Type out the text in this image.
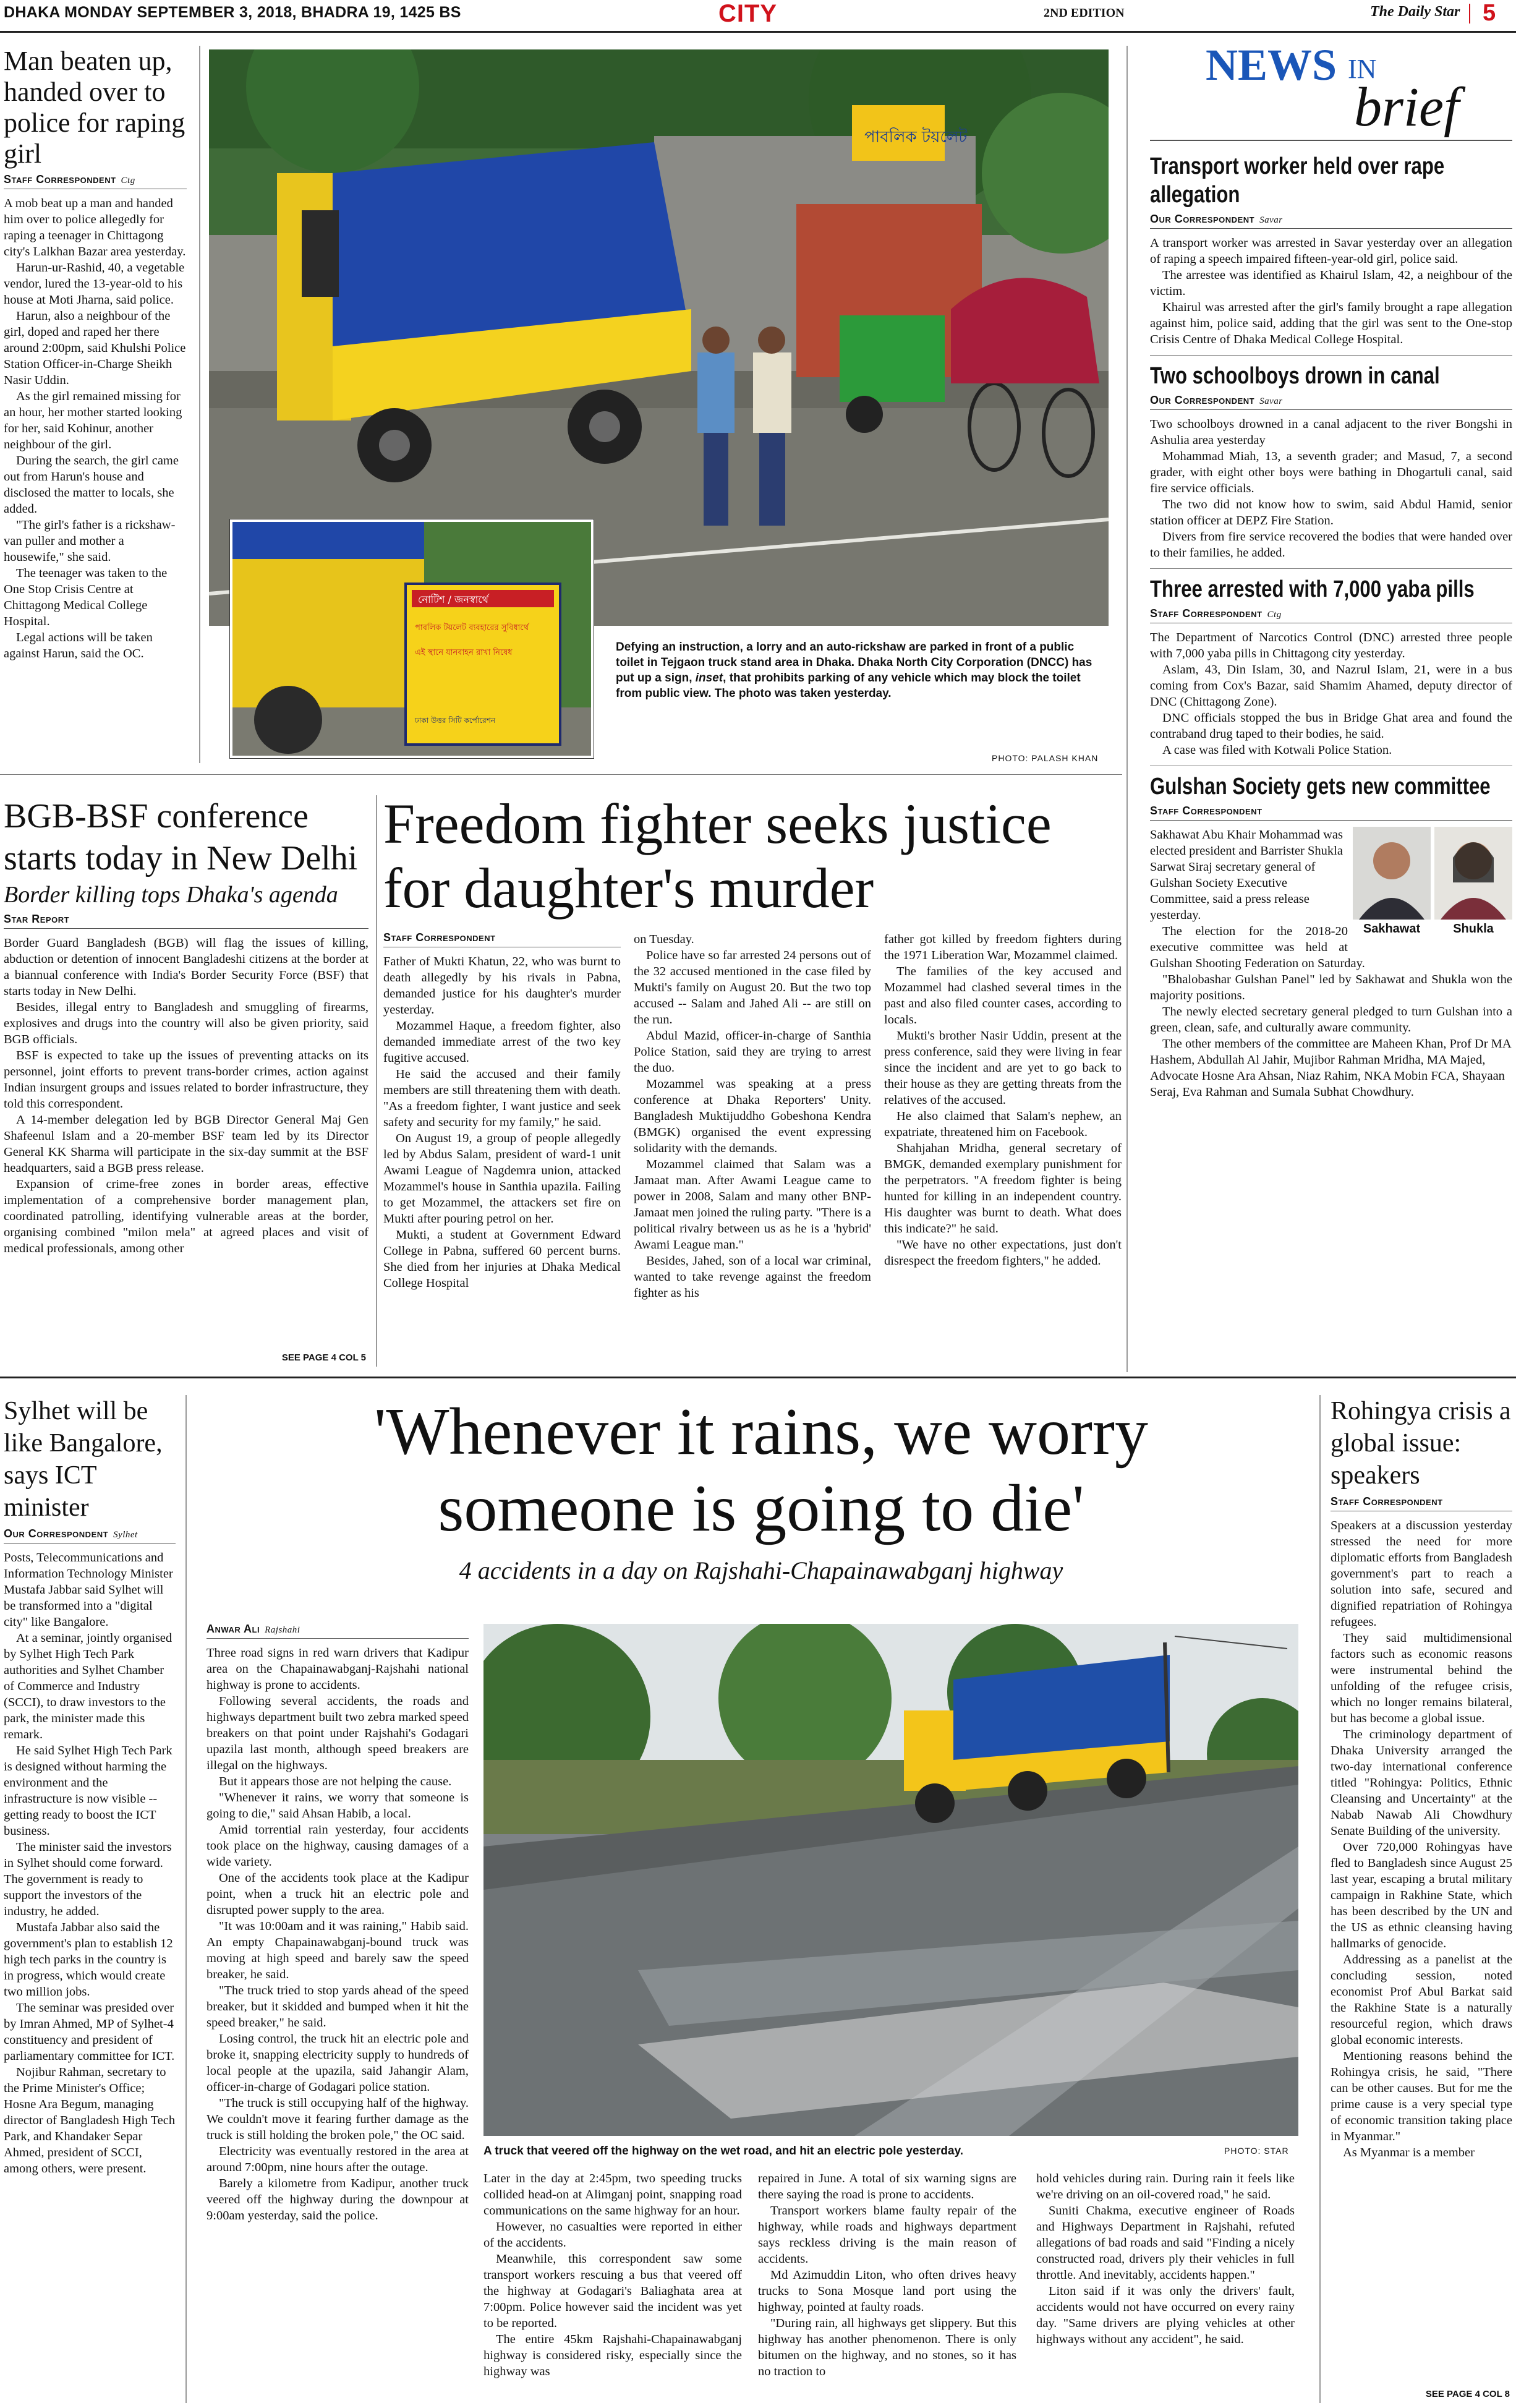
DHAKA MONDAY SEPTEMBER 3, 2018, BHADRA 19, 1425 BS	CITY	2ND EDITION	The Daily Star 5
Man beaten up, handed over to police for raping girl
Staff Correspondent Ctg

A mob beat up a man and handed him over to police allegedly for raping a teenager in Chittagong city's Lalkhan Bazar area yesterday.

Harun-ur-Rashid, 40, a vegetable vendor, lured the 13-year-old to his house at Moti Jharna, said police.

Harun, also a neighbour of the girl, doped and raped her there around 2:00pm, said Khulshi Police Station Officer-in-Charge Sheikh Nasir Uddin.

As the girl remained missing for an hour, her mother started looking for her, said Kohinur, another neighbour of the girl.

During the search, the girl came out from Harun's house and disclosed the matter to locals, she added.

"The girl's father is a rickshaw-van puller and mother a housewife," she said.

The teenager was taken to the One Stop Crisis Centre at Chittagong Medical College Hospital.

Legal actions will be taken against Harun, said the OC.

পাবলিক টয়লেট
নোটিশ / জনস্বার্থে
পাবলিক টয়লেট ব্যবহারের সুবিধার্থে
এই স্থানে যানবাহন রাখা নিষেধ
ঢাকা উত্তর সিটি কর্পোরেশন
Defying an instruction, a lorry and an auto-rickshaw are parked in front of a public toilet in Tejgaon truck stand area in Dhaka. Dhaka North City Corporation (DNCC) has put up a sign, inset, that prohibits parking of any vehicle which may block the toilet from public view. The photo was taken yesterday.
PHOTO: PALASH KHAN
NEWS IN
brief
Transport worker held over rape allegation
Our Correspondent Savar

A transport worker was arrested in Savar yesterday over an allegation of raping a speech impaired fifteen-year-old girl, police said.

The arrestee was identified as Khairul Islam, 42, a neighbour of the victim.

Khairul was arrested after the girl's family brought a rape allegation against him, police said, adding that the girl was sent to the One-stop Crisis Centre of Dhaka Medical College Hospital.

Two schoolboys drown in canal
Our Correspondent Savar

Two schoolboys drowned in a canal adjacent to the river Bongshi in Ashulia area yesterday

Mohammad Miah, 13, a seventh grader; and Masud, 7, a second grader, with eight other boys were bathing in Dhogartuli canal, said fire service officials.

The two did not know how to swim, said Abdul Hamid, senior station officer at DEPZ Fire Station.

Divers from fire service recovered the bodies that were handed over to their families, he added.

Three arrested with 7,000 yaba pills
Staff Correspondent Ctg

The Department of Narcotics Control (DNC) arrested three people with 7,000 yaba pills in Chittagong city yesterday.

Aslam, 43, Din Islam, 30, and Nazrul Islam, 21, were in a bus coming from Cox's Bazar, said Shamim Ahamed, deputy director of DNC (Chittagong Zone).

DNC officials stopped the bus in Bridge Ghat area and found the contraband drug taped to their bodies, he said.

A case was filed with Kotwali Police Station.

Gulshan Society gets new committee
Staff Correspondent
Sakhawat	Shukla

Sakhawat Abu Khair Mohammad was elected president and Barrister Shukla Sarwat Siraj secretary general of Gulshan Society Executive Committee, said a press release yesterday.

The election for the 2018-20 executive committee was held at Gulshan Shooting Federation on Saturday.

"Bhalobashar Gulshan Panel" led by Sakhawat and Shukla won the majority positions.

The newly elected secretary general pledged to turn Gulshan into a green, clean, safe, and culturally aware community.

The other members of the committee are Maheen Khan, Prof Dr MA Hashem, Abdullah Al Jahir, Mujibor Rahman Mridha, MA Majed, Advocate Hosne Ara Ahsan, Niaz Rahim, NKA Mobin FCA, Shayaan Seraj, Eva Rahman and Sumala Subhat Chowdhury.

BGB-BSF conference starts today in New Delhi
Border killing tops Dhaka's agenda
Star Report

Border Guard Bangladesh (BGB) will flag the issues of killing, abduction or detention of innocent Bangladeshi citizens at the border at a biannual conference with India's Border Security Force (BSF) that starts today in New Delhi.

Besides, illegal entry to Bangladesh and smuggling of firearms, explosives and drugs into the country will also be given priority, said BGB officials.

BSF is expected to take up the issues of preventing attacks on its personnel, joint efforts to prevent trans-border crimes, action against Indian insurgent groups and issues related to border infrastructure, they told this correspondent.

A 14-member delegation led by BGB Director General Maj Gen Shafeenul Islam and a 20-member BSF team led by its Director General KK Sharma will participate in the six-day summit at the BSF headquarters, said a BGB press release.

Expansion of crime-free zones in border areas, effective implementation of a comprehensive border management plan, coordinated patrolling, identifying vulnerable areas at the border, organising combined "milon mela" at agreed places and visit of medical professionals, among other

SEE PAGE 4 COL 5
Freedom fighter seeks justice for daughter's murder
Staff Correspondent

Father of Mukti Khatun, 22, who was burnt to death allegedly by his rivals in Pabna, demanded justice for his daughter's murder yesterday.

Mozammel Haque, a freedom fighter, also demanded immediate arrest of the two key fugitive accused.

He said the accused and their family members are still threatening them with death. "As a freedom fighter, I want justice and seek safety and security for my family," he said.

On August 19, a group of people allegedly led by Abdus Salam, president of ward-1 unit Awami League of Nagdemra union, attacked Mozammel's house in Santhia upazila. Failing to get Mozammel, the attackers set fire on Mukti after pouring petrol on her.

Mukti, a student at Government Edward College in Pabna, suffered 60 percent burns. She died from her injuries at Dhaka Medical College Hospital

on Tuesday.

Police have so far arrested 24 persons out of the 32 accused mentioned in the case filed by Mukti's family on August 20. But the two top accused -- Salam and Jahed Ali -- are still on the run.

Abdul Mazid, officer-in-charge of Santhia Police Station, said they are trying to arrest the duo.

Mozammel was speaking at a press conference at Dhaka Reporters' Unity. Bangladesh Muktijuddho Gobeshona Kendra (BMGK) organised the event expressing solidarity with the demands.

Mozammel claimed that Salam was a Jamaat man. After Awami League came to power in 2008, Salam and many other BNP-Jamaat men joined the ruling party. "There is a political rivalry between us as he is a 'hybrid' Awami League man."

Besides, Jahed, son of a local war criminal, wanted to take revenge against the freedom fighter as his

father got killed by freedom fighters during the 1971 Liberation War, Mozammel claimed.

The families of the key accused and Mozammel had clashed several times in the past and also filed counter cases, according to locals.

Mukti's brother Nasir Uddin, present at the press conference, said they were living in fear since the incident and are yet to go back to their house as they are getting threats from the relatives of the accused.

He also claimed that Salam's nephew, an expatriate, threatened him on Facebook.

Shahjahan Mridha, general secretary of BMGK, demanded exemplary punishment for the perpetrators. "A freedom fighter is being hunted for killing in an independent country. His daughter was burnt to death. What does this indicate?" he said.

"We have no other expectations, just don't disrespect the freedom fighters," he added.

Sylhet will be like Bangalore, says ICT minister
Our Correspondent Sylhet

Posts, Telecommunications and Information Technology Minister Mustafa Jabbar said Sylhet will be transformed into a "digital city" like Bangalore.

At a seminar, jointly organised by Sylhet High Tech Park authorities and Sylhet Chamber of Commerce and Industry (SCCI), to draw investors to the park, the minister made this remark.

He said Sylhet High Tech Park is designed without harming the environment and the infrastructure is now visible -- getting ready to boost the ICT business.

The minister said the investors in Sylhet should come forward. The government is ready to support the investors of the industry, he added.

Mustafa Jabbar also said the government's plan to establish 12 high tech parks in the country is in progress, which would create two million jobs.

The seminar was presided over by Imran Ahmed, MP of Sylhet-4 constituency and president of parliamentary committee for ICT.

Nojibur Rahman, secretary to the Prime Minister's Office; Hosne Ara Begum, managing director of Bangladesh High Tech Park, and Khandaker Separ Ahmed, president of SCCI, among others, were present.

'Whenever it rains, we worry
someone is going to die'
4 accidents in a day on Rajshahi-Chapainawabganj highway
Anwar Ali Rajshahi

Three road signs in red warn drivers that Kadipur area on the Chapainawabganj-Rajshahi national highway is prone to accidents.

Following several accidents, the roads and highways department built two zebra marked speed breakers on that point under Rajshahi's Godagari upazila last month, although speed breakers are illegal on the highways.

But it appears those are not helping the cause.

"Whenever it rains, we worry that someone is going to die," said Ahsan Habib, a local.

Amid torrential rain yesterday, four accidents took place on the highway, causing damages of a wide variety.

One of the accidents took place at the Kadipur point, when a truck hit an electric pole and disrupted power supply to the area.

"It was 10:00am and it was raining," Habib said. An empty Chapainawabganj-bound truck was moving at high speed and barely saw the speed breaker, he said.

"The truck tried to stop yards ahead of the speed breaker, but it skidded and bumped when it hit the speed breaker," he said.

Losing control, the truck hit an electric pole and broke it, snapping electricity supply to hundreds of local people at the upazila, said Jahangir Alam, officer-in-charge of Godagari police station.

"The truck is still occupying half of the highway. We couldn't move it fearing further damage as the truck is still holding the broken pole," the OC said.

Electricity was eventually restored in the area at around 7:00pm, nine hours after the outage.

Barely a kilometre from Kadipur, another truck veered off the highway during the downpour at 9:00am yesterday, said the police.

A truck that veered off the highway on the wet road, and hit an electric pole yesterday.	PHOTO: STAR

Later in the day at 2:45pm, two speeding trucks collided head-on at Alimganj point, snapping road communications on the same highway for an hour.

However, no casualties were reported in either of the accidents.

Meanwhile, this correspondent saw some transport workers rescuing a bus that veered off the highway at Godagari's Baliaghata area at 7:00pm. Police however said the incident was yet to be reported.

The entire 45km Rajshahi-Chapainawabganj highway is considered risky, especially since the highway was

repaired in June. A total of six warning signs are there saying the road is prone to accidents.

Transport workers blame faulty repair of the highway, while roads and highways department says reckless driving is the main reason of accidents.

Md Azimuddin Liton, who often drives heavy trucks to Sona Mosque land port using the highway, pointed at faulty roads.

"During rain, all highways get slippery. But this highway has another phenomenon. There is only bitumen on the highway, and no stones, so it has no traction to

hold vehicles during rain. During rain it feels like we're driving on an oil-covered road," he said.

Suniti Chakma, executive engineer of Roads and Highways Department in Rajshahi, refuted allegations of bad roads and said "Finding a nicely constructed road, drivers ply their vehicles in full throttle. And inevitably, accidents happen."

Liton said if it was only the drivers' fault, accidents would not have occurred on every rainy day. "Same drivers are plying vehicles at other highways without any accident", he said.

Rohingya crisis a global issue: speakers
Staff Correspondent

Speakers at a discussion yesterday stressed the need for more diplomatic efforts from Bangladesh government's part to reach a solution into safe, secured and dignified repatriation of Rohingya refugees.

They said multidimensional factors such as economic reasons were instrumental behind the unfolding of the refugee crisis, which no longer remains bilateral, but has become a global issue.

The criminology department of Dhaka University arranged the two-day international conference titled "Rohingya: Politics, Ethnic Cleansing and Uncertainty" at the Nabab Nawab Ali Chowdhury Senate Building of the university.

Over 720,000 Rohingyas have fled to Bangladesh since August 25 last year, escaping a brutal military campaign in Rakhine State, which has been described by the UN and the US as ethnic cleansing having hallmarks of genocide.

Addressing as a panelist at the concluding session, noted economist Prof Abul Barkat said the Rakhine State is a naturally resourceful region, which draws global economic interests.

Mentioning reasons behind the Rohingya crisis, he said, "There can be other causes. But for me the prime cause is a very special type of economic transition taking place in Myanmar."

As Myanmar is a member

SEE PAGE 4 COL 8
